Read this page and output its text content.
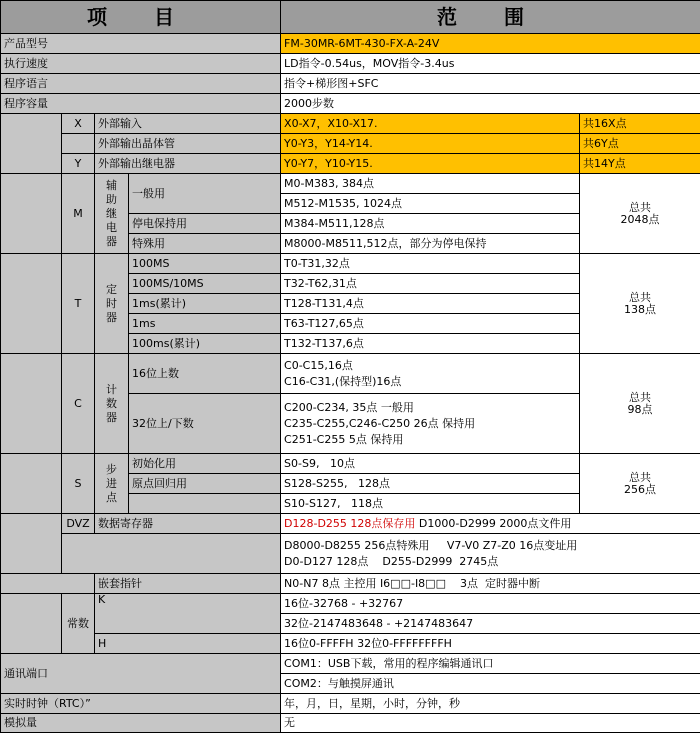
项 目				范 围	
产品型号				FM-30MR-6MT-430-FX-A-24V	
执行速度				LD指令-0.54us，MOV指令-3.4us	
程序语言				指令+梯形图+SFC	
程序容量				2000步数	
	X	外部输入		X0-X7，X10-X17.	共16X点
		外部输出晶体管		Y0-Y3，Y14-Y14.	共6Y点
	Y	外部输出继电器		Y0-Y7，Y10-Y15.	共14Y点
	M	辅
助
继
电
器	一般用	M0-M383, 384点	总共
2048点
				M512-M1535, 1024点	
			停电保持用	M384-M511,128点	
			特殊用	M8000-M8511,512点，部分为停电保持	
	T	定
时
器	100MS	T0-T31,32点	总共
138点
			100MS/10MS	T32-T62,31点	
			1ms(累计)	T128-T131,4点	
			1ms	T63-T127,65点	
			100ms(累计)	T132-T137,6点	
	C	计
数
器	16位上数	C0-C15,16点
C16-C31,(保持型)16点	总共
98点
			32位上/下数	C200-C234, 35点 一般用
C235-C255,C246-C250 26点 保持用
C251-C255 5点 保持用	
	S	步
进
点	初始化用	S0-S9,   10点	总共
256点
			原点回归用	S128-S255,   128点	
				S10-S127,   118点	
	DVZ	数据寄存器		D128-D255 128点保存用 D1000-D2999 2000点文件用	
				D8000-D8255 256点特殊用     V7-V0 Z7-Z0 16点变址用
D0-D127 128点    D255-D2999  2745点	
		嵌套指针		N0-N7 8点 主控用 I6□□-I8□□    3点  定时器中断	
	常数	K		16位-32768 - +32767	
				32位-2147483648 - +2147483647	
		H		16位0-FFFFH 32位0-FFFFFFFFH	
通讯端口				COM1：USB下载，常用的程序编辑通讯口	
				COM2：与触摸屏通讯	
实时时钟（RTC）”				年，月，日，星期，小时，分钟，秒	
模拟量				无	
